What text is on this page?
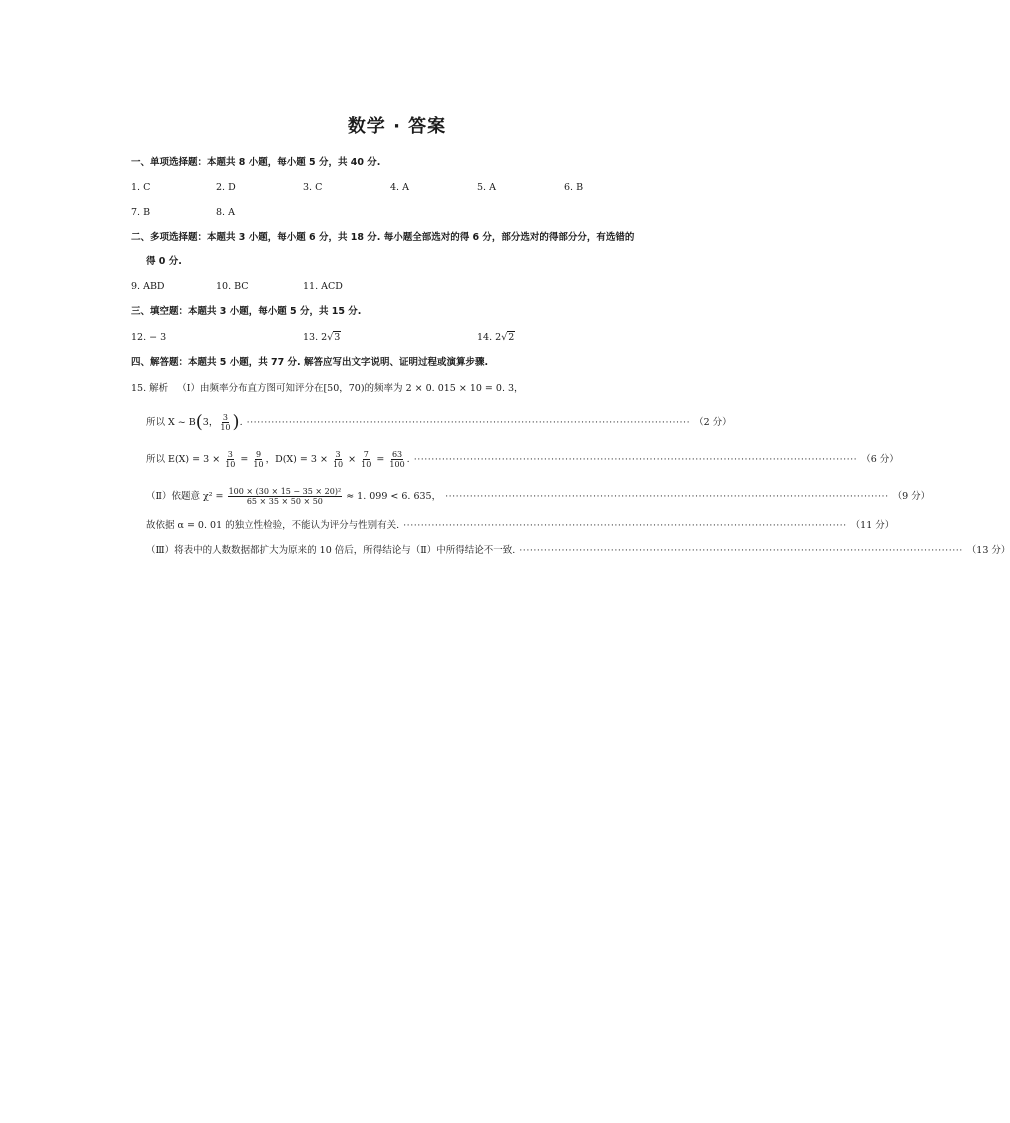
数学 · 答案
一、单项选择题：本题共 8 小题，每小题 5 分，共 40 分.
1. C	2. D	3. C	4. A	5. A	6. B
7. B	8. A
二、多项选择题：本题共 3 小题，每小题 6 分，共 18 分. 每小题全部选对的得 6 分，部分选对的得部分分，有选错的
得 0 分.
9. ABD	10. BC	11. ACD
三、填空题：本题共 3 小题，每小题 5 分，共 15 分.
12. − 3	13. 2√3	14. 2√2
四、解答题：本题共 5 小题，共 77 分. 解答应写出文字说明、证明过程或演算步骤.
15. 解析 （Ⅰ）由频率分布直方图可知评分在[50，70)的频率为 2 × 0. 015 × 10 = 0. 3，
所以 X ~ B(3， $\frac{3}{10}$ ). ······························································································································ （2 分）
所以 $E(X) = 3 \times \frac{3}{10} = \frac{9}{10}$ ，$D(X) = 3 \times \frac{3}{10} \times \frac{7}{10} = \frac{63}{100}$ . ······························································································································ （6 分）
（Ⅱ）依题意 $\chi^2 = \frac{\text{100 × (30 × 15 − 35 × 20)²}}{65 \times 35 \times 50 \times 50} \approx 1$. 099 < 6. 635， ······························································································································ （9 分）
故依据 α = 0. 01 的独立性检验，不能认为评分与性别有关. ······························································································································ （11 分）
（Ⅲ）将表中的人数数据都扩大为原来的 10 倍后，所得结论与（Ⅱ）中所得结论不一致. ······························································································································ （13 分）
